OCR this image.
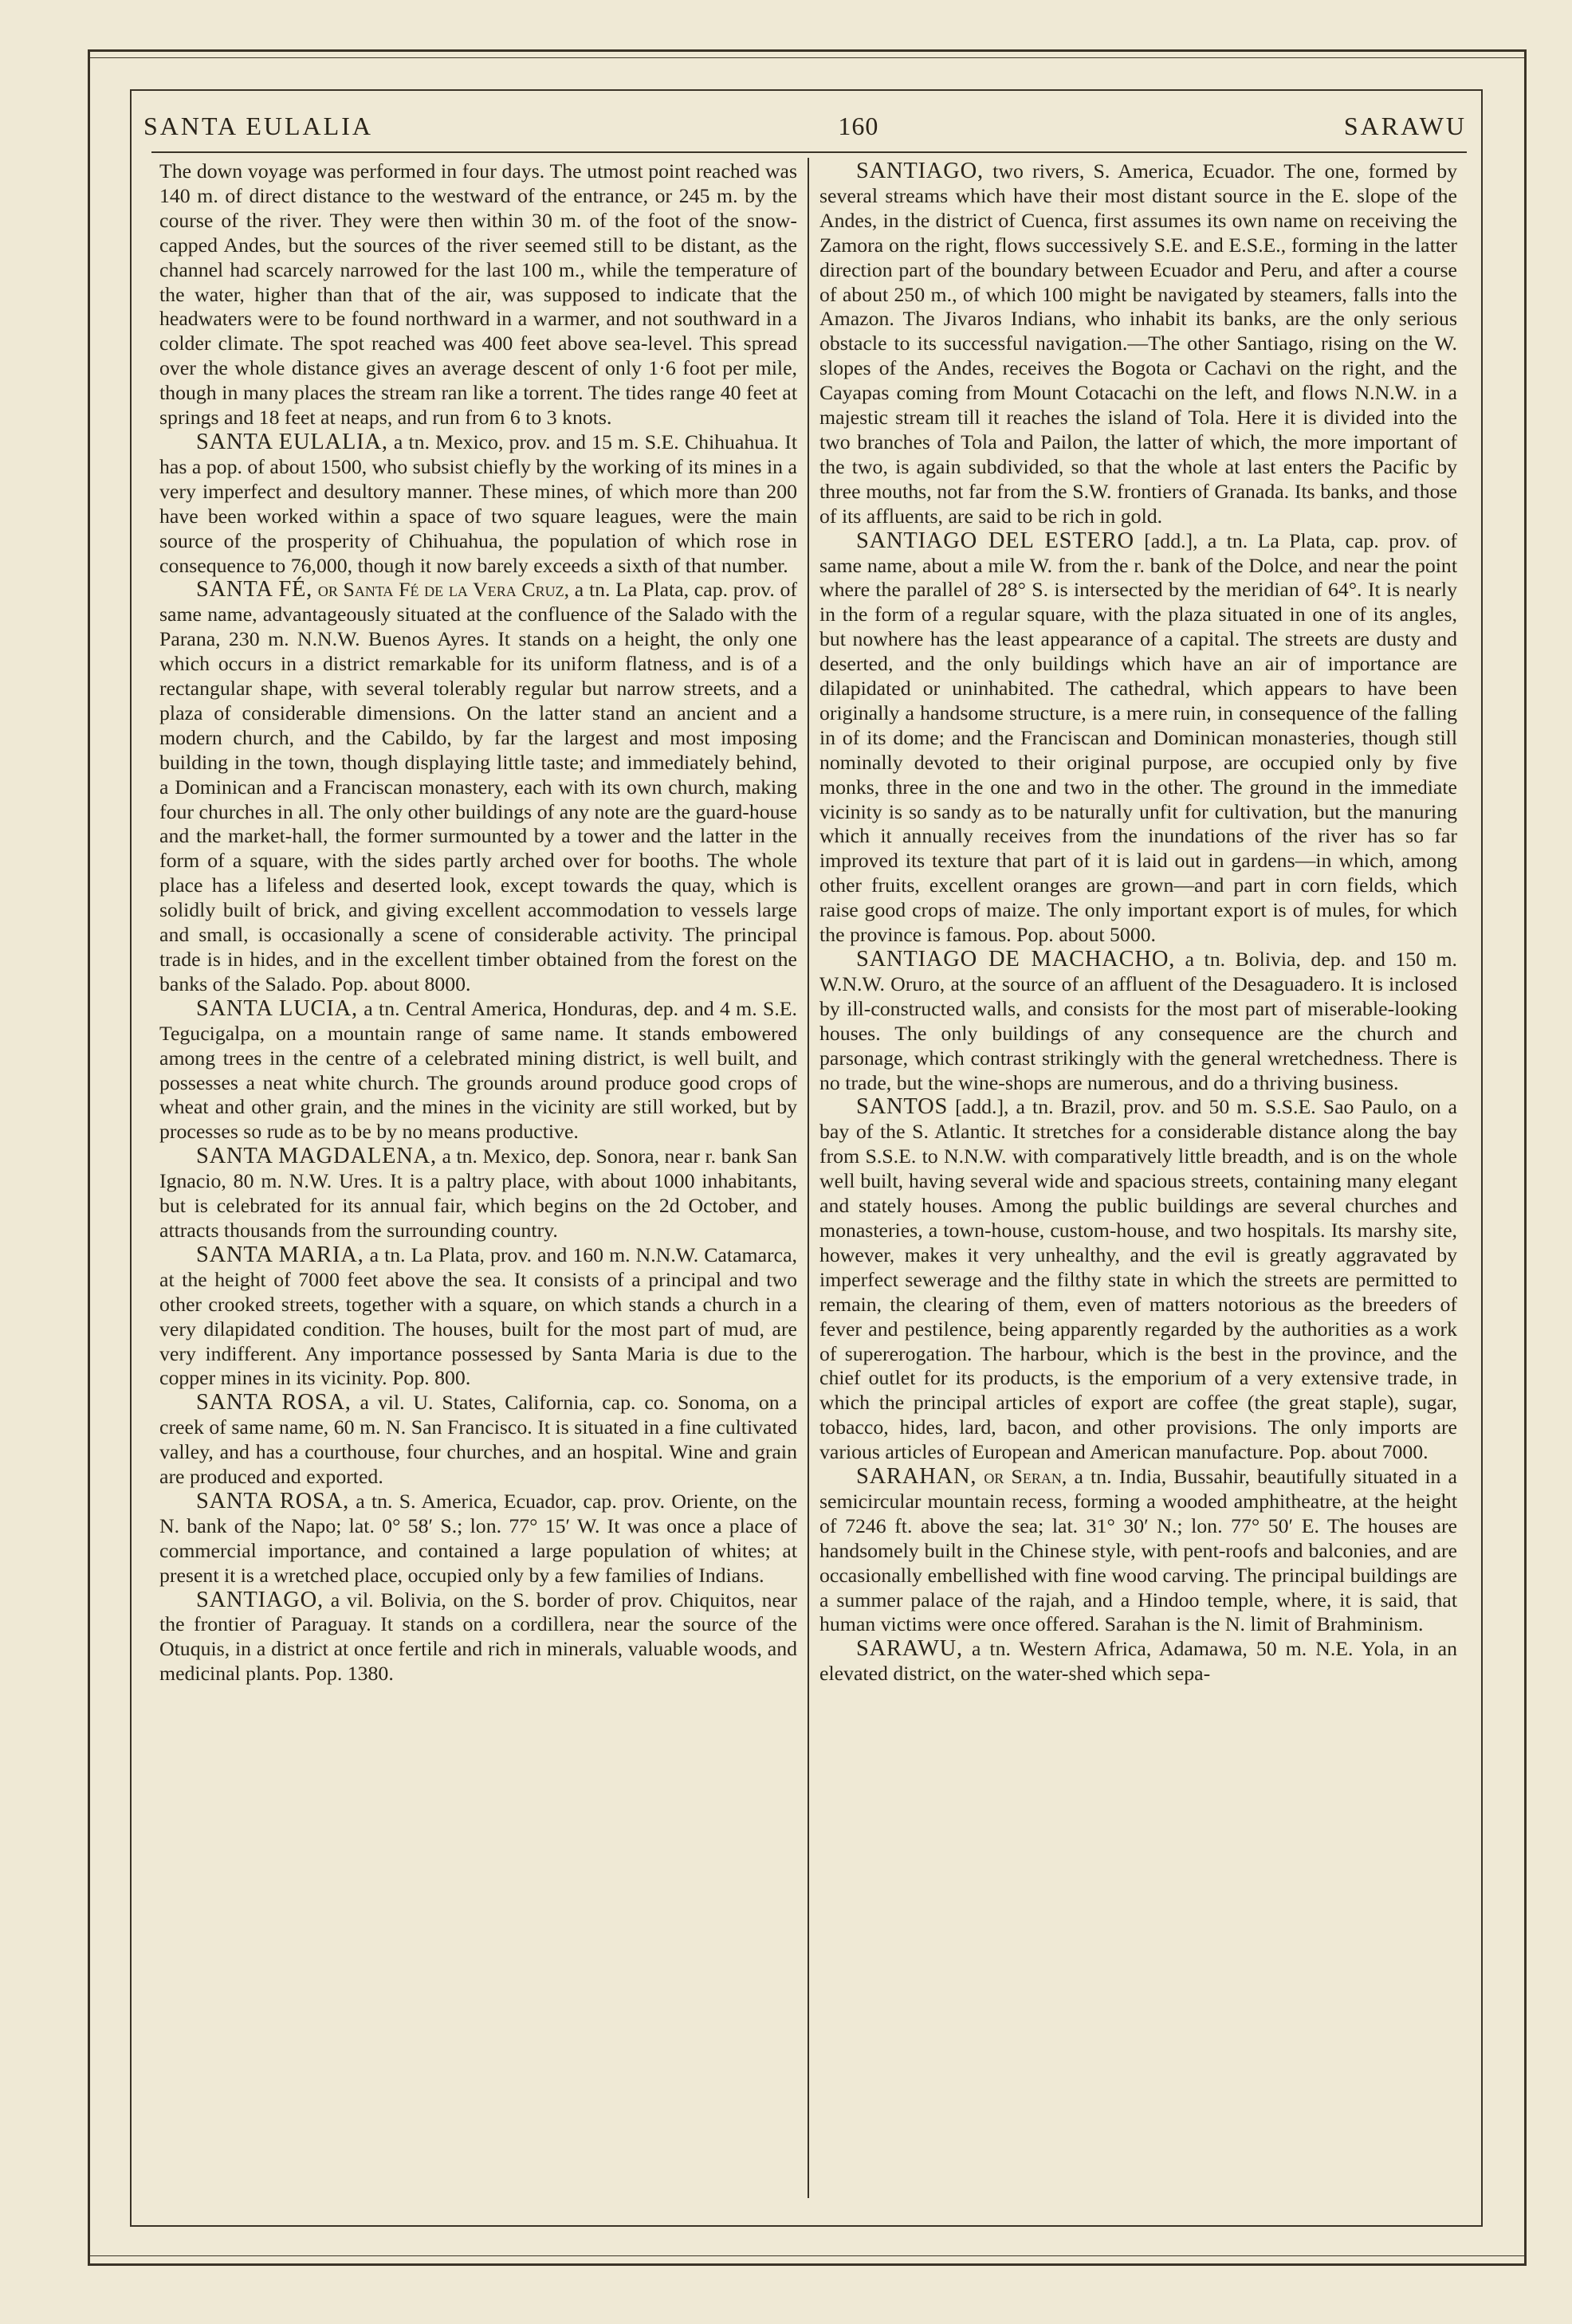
SANTA EULALIA	160	SARAWU

The down voyage was performed in four days. The utmost point reached was 140 m. of direct distance to the westward of the entrance, or 245 m. by the course of the river. They were then within 30 m. of the foot of the snow-capped Andes, but the sources of the river seemed still to be distant, as the channel had scarcely narrowed for the last 100 m., while the temperature of the water, higher than that of the air, was supposed to indicate that the headwaters were to be found northward in a warmer, and not southward in a colder climate. The spot reached was 400 feet above sea-level. This spread over the whole distance gives an average descent of only 1·6 foot per mile, though in many places the stream ran like a torrent. The tides range 40 feet at springs and 18 feet at neaps, and run from 6 to 3 knots.

SANTA EULALIA, a tn. Mexico, prov. and 15 m. S.E. Chihuahua. It has a pop. of about 1500, who subsist chiefly by the working of its mines in a very imperfect and desultory manner. These mines, of which more than 200 have been worked within a space of two square leagues, were the main source of the prosperity of Chihuahua, the population of which rose in consequence to 76,000, though it now barely exceeds a sixth of that number.

SANTA FÉ, or Santa Fé de la Vera Cruz, a tn. La Plata, cap. prov. of same name, advantageously situated at the confluence of the Salado with the Parana, 230 m. N.N.W. Buenos Ayres. It stands on a height, the only one which occurs in a district remarkable for its uniform flatness, and is of a rectangular shape, with several tolerably regular but narrow streets, and a plaza of considerable dimensions. On the latter stand an ancient and a modern church, and the Cabildo, by far the largest and most imposing building in the town, though displaying little taste; and immediately behind, a Dominican and a Franciscan monastery, each with its own church, making four churches in all. The only other buildings of any note are the guard-house and the market-hall, the former surmounted by a tower and the latter in the form of a square, with the sides partly arched over for booths. The whole place has a lifeless and deserted look, except towards the quay, which is solidly built of brick, and giving excellent accommodation to vessels large and small, is occasionally a scene of considerable activity. The principal trade is in hides, and in the excellent timber obtained from the forest on the banks of the Salado. Pop. about 8000.

SANTA LUCIA, a tn. Central America, Honduras, dep. and 4 m. S.E. Tegucigalpa, on a mountain range of same name. It stands embowered among trees in the centre of a celebrated mining district, is well built, and possesses a neat white church. The grounds around produce good crops of wheat and other grain, and the mines in the vicinity are still worked, but by processes so rude as to be by no means productive.

SANTA MAGDALENA, a tn. Mexico, dep. Sonora, near r. bank San Ignacio, 80 m. N.W. Ures. It is a paltry place, with about 1000 inhabitants, but is celebrated for its annual fair, which begins on the 2d October, and attracts thousands from the surrounding country.

SANTA MARIA, a tn. La Plata, prov. and 160 m. N.N.W. Catamarca, at the height of 7000 feet above the sea. It consists of a principal and two other crooked streets, together with a square, on which stands a church in a very dilapidated condition. The houses, built for the most part of mud, are very indifferent. Any importance possessed by Santa Maria is due to the copper mines in its vicinity. Pop. 800.

SANTA ROSA, a vil. U. States, California, cap. co. Sonoma, on a creek of same name, 60 m. N. San Francisco. It is situated in a fine cultivated valley, and has a courthouse, four churches, and an hospital. Wine and grain are produced and exported.

SANTA ROSA, a tn. S. America, Ecuador, cap. prov. Oriente, on the N. bank of the Napo; lat. 0° 58′ S.; lon. 77° 15′ W. It was once a place of commercial importance, and contained a large population of whites; at present it is a wretched place, occupied only by a few families of Indians.

SANTIAGO, a vil. Bolivia, on the S. border of prov. Chiquitos, near the frontier of Paraguay. It stands on a cordillera, near the source of the Otuquis, in a district at once fertile and rich in minerals, valuable woods, and medicinal plants. Pop. 1380.

SANTIAGO, two rivers, S. America, Ecuador. The one, formed by several streams which have their most distant source in the E. slope of the Andes, in the district of Cuenca, first assumes its own name on receiving the Zamora on the right, flows successively S.E. and E.S.E., forming in the latter direction part of the boundary between Ecuador and Peru, and after a course of about 250 m., of which 100 might be navigated by steamers, falls into the Amazon. The Jivaros Indians, who inhabit its banks, are the only serious obstacle to its successful navigation.—The other Santiago, rising on the W. slopes of the Andes, receives the Bogota or Cachavi on the right, and the Cayapas coming from Mount Cotacachi on the left, and flows N.N.W. in a majestic stream till it reaches the island of Tola. Here it is divided into the two branches of Tola and Pailon, the latter of which, the more important of the two, is again subdivided, so that the whole at last enters the Pacific by three mouths, not far from the S.W. frontiers of Granada. Its banks, and those of its affluents, are said to be rich in gold.

SANTIAGO DEL ESTERO [add.], a tn. La Plata, cap. prov. of same name, about a mile W. from the r. bank of the Dolce, and near the point where the parallel of 28° S. is intersected by the meridian of 64°. It is nearly in the form of a regular square, with the plaza situated in one of its angles, but nowhere has the least appearance of a capital. The streets are dusty and deserted, and the only buildings which have an air of importance are dilapidated or uninhabited. The cathedral, which appears to have been originally a handsome structure, is a mere ruin, in consequence of the falling in of its dome; and the Franciscan and Dominican monasteries, though still nominally devoted to their original purpose, are occupied only by five monks, three in the one and two in the other. The ground in the immediate vicinity is so sandy as to be naturally unfit for cultivation, but the manuring which it annually receives from the inundations of the river has so far improved its texture that part of it is laid out in gardens—in which, among other fruits, excellent oranges are grown—and part in corn fields, which raise good crops of maize. The only important export is of mules, for which the province is famous. Pop. about 5000.

SANTIAGO DE MACHACHO, a tn. Bolivia, dep. and 150 m. W.N.W. Oruro, at the source of an affluent of the Desaguadero. It is inclosed by ill-constructed walls, and consists for the most part of miserable-looking houses. The only buildings of any consequence are the church and parsonage, which contrast strikingly with the general wretchedness. There is no trade, but the wine-shops are numerous, and do a thriving business.

SANTOS [add.], a tn. Brazil, prov. and 50 m. S.S.E. Sao Paulo, on a bay of the S. Atlantic. It stretches for a considerable distance along the bay from S.S.E. to N.N.W. with comparatively little breadth, and is on the whole well built, having several wide and spacious streets, containing many elegant and stately houses. Among the public buildings are several churches and monasteries, a town-house, custom-house, and two hospitals. Its marshy site, however, makes it very unhealthy, and the evil is greatly aggravated by imperfect sewerage and the filthy state in which the streets are permitted to remain, the clearing of them, even of matters notorious as the breeders of fever and pestilence, being apparently regarded by the authorities as a work of supererogation. The harbour, which is the best in the province, and the chief outlet for its products, is the emporium of a very extensive trade, in which the principal articles of export are coffee (the great staple), sugar, tobacco, hides, lard, bacon, and other provisions. The only imports are various articles of European and American manufacture. Pop. about 7000.

SARAHAN, or Seran, a tn. India, Bussahir, beautifully situated in a semicircular mountain recess, forming a wooded amphitheatre, at the height of 7246 ft. above the sea; lat. 31° 30′ N.; lon. 77° 50′ E. The houses are handsomely built in the Chinese style, with pent-roofs and balconies, and are occasionally embellished with fine wood carving. The principal buildings are a summer palace of the rajah, and a Hindoo temple, where, it is said, that human victims were once offered. Sarahan is the N. limit of Brahminism.

SARAWU, a tn. Western Africa, Adamawa, 50 m. N.E. Yola, in an elevated district, on the water-shed which sepa-
